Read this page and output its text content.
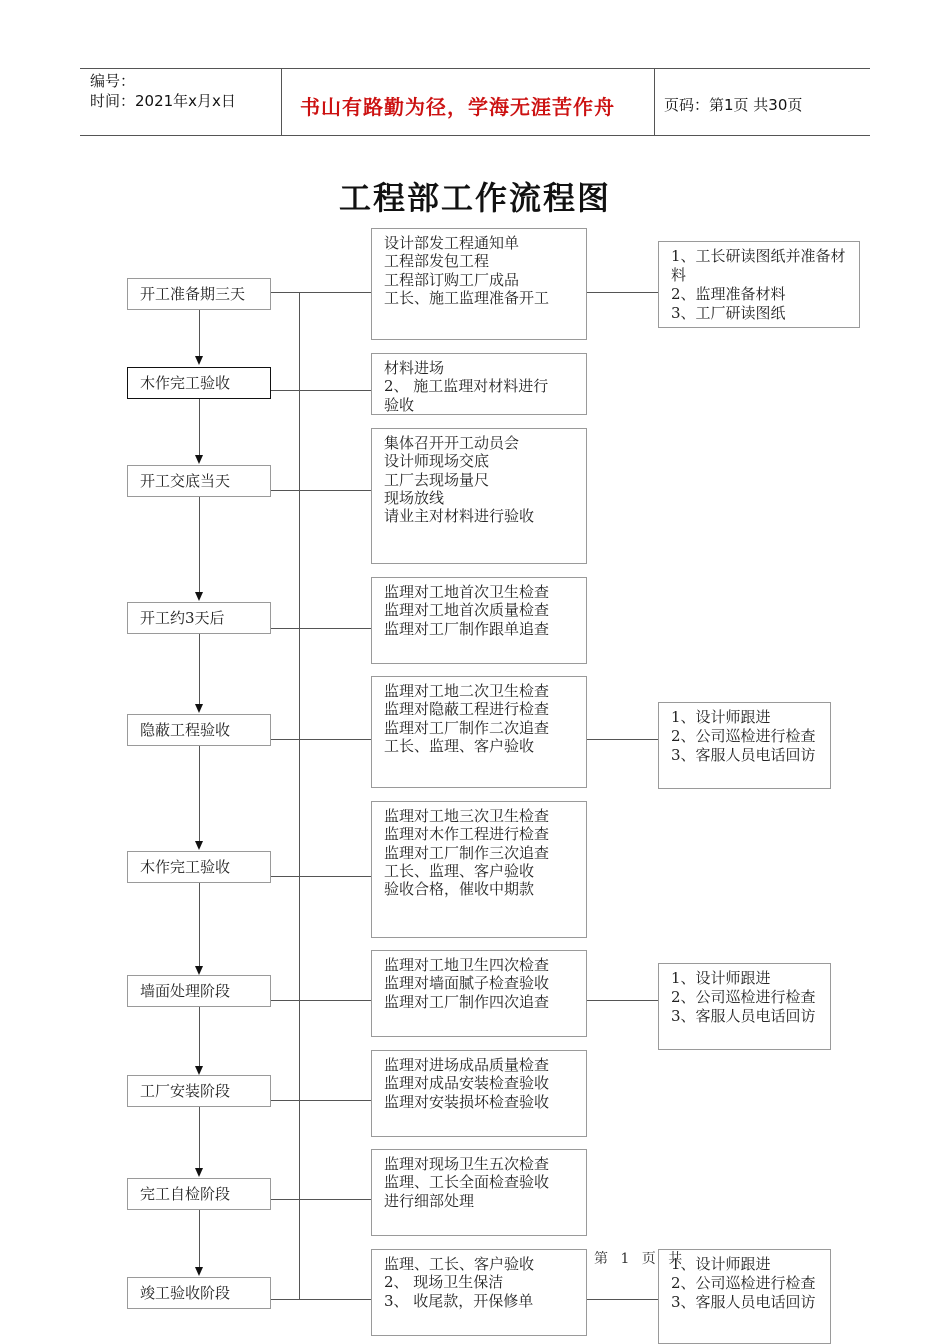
编号：
时间：2021年x月x日	书山有路勤为径，学海无涯苦作舟	页码：第1页 共30页
工程部工作流程图
开工准备期三天
木作完工验收
开工交底当天
开工约3天后
隐蔽工程验收
木作完工验收
墙面处理阶段
工厂安装阶段
完工自检阶段
竣工验收阶段
设计部发工程通知单
工程部发包工程
工程部订购工厂成品
工长、施工监理准备开工
材料进场
2、 施工监理对材料进行
验收
集体召开开工动员会
设计师现场交底
工厂去现场量尺
现场放线
请业主对材料进行验收
监理对工地首次卫生检查
监理对工地首次质量检查
监理对工厂制作跟单追查
监理对工地二次卫生检查
监理对隐蔽工程进行检查
监理对工厂制作二次追查
工长、监理、客户验收
监理对工地三次卫生检查
监理对木作工程进行检查
监理对工厂制作三次追查
工长、监理、客户验收
验收合格，催收中期款
监理对工地卫生四次检查
监理对墙面腻子检查验收
监理对工厂制作四次追查
监理对进场成品质量检查
监理对成品安装检查验收
监理对安装损坏检查验收
监理对现场卫生五次检查
监理、工长全面检查验收
进行细部处理
监理、工长、客户验收
2、 现场卫生保洁
3、 收尾款，开保修单
1、工长研读图纸并准备材料
2、监理准备材料
3、工厂研读图纸
1、设计师跟进
2、公司巡检进行检查
3、客服人员电话回访
1、设计师跟进
2、公司巡检进行检查
3、客服人员电话回访
1、设计师跟进
2、公司巡检进行检查
3、客服人员电话回访
第 1 页 共
